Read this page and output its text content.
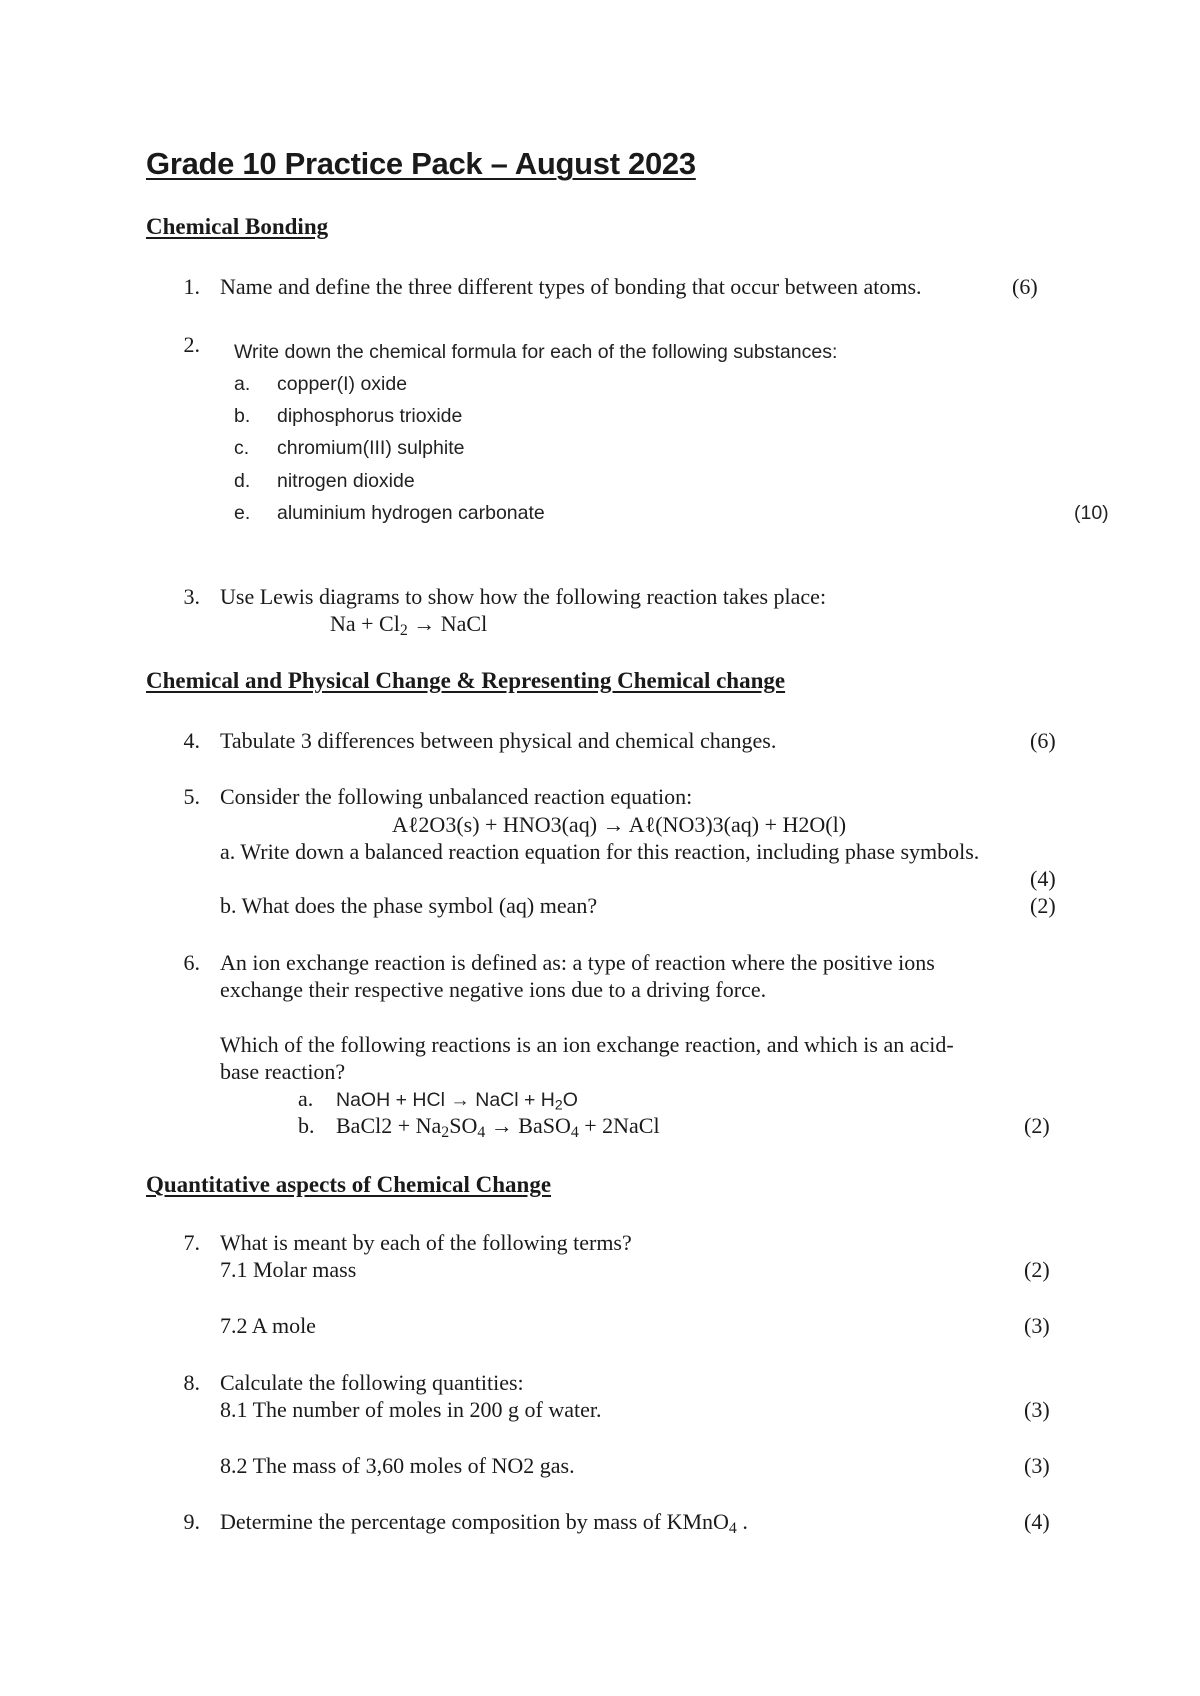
Grade 10 Practice Pack – August 2023
Chemical Bonding
1. Name and define the three different types of bonding that occur between atoms.	(6)
2. Write down the chemical formula for each of the following substances:
a. copper(I) oxide
b. diphosphorus trioxide
c. chromium(III) sulphite
d. nitrogen dioxide
e. aluminium hydrogen carbonate	(10)
3. Use Lewis diagrams to show how the following reaction takes place:
$Na + Cl_2$ → NaCl
Chemical and Physical Change & Representing Chemical change
4. Tabulate 3 differences between physical and chemical changes.	(6)
5. Consider the following unbalanced reaction equation:
Aℓ2O3(s) + HNO3(aq) → Aℓ(NO3)3(aq) + H2O(l)
a. Write down a balanced reaction equation for this reaction, including phase symbols.
(4)
b. What does the phase symbol (aq) mean?	(2)
6. An ion exchange reaction is defined as: a type of reaction where the positive ions
exchange their respective negative ions due to a driving force.
Which of the following reactions is an ion exchange reaction, and which is an acid-
base reaction?
a. NaOH + HCl → NaCl + $H_2O$
b. BaCl2 + $Na_2SO_4$ → BaSO$_4$ + 2NaCl	(2)
Quantitative aspects of Chemical Change
7. What is meant by each of the following terms?
7.1 Molar mass	(2)
7.2 A mole	(3)
8. Calculate the following quantities:
8.1 The number of moles in 200 g of water.	(3)
8.2 The mass of 3,60 moles of NO2 gas.	(3)
9. Determine the percentage composition by mass of KMnO$_4$ .	(4)
